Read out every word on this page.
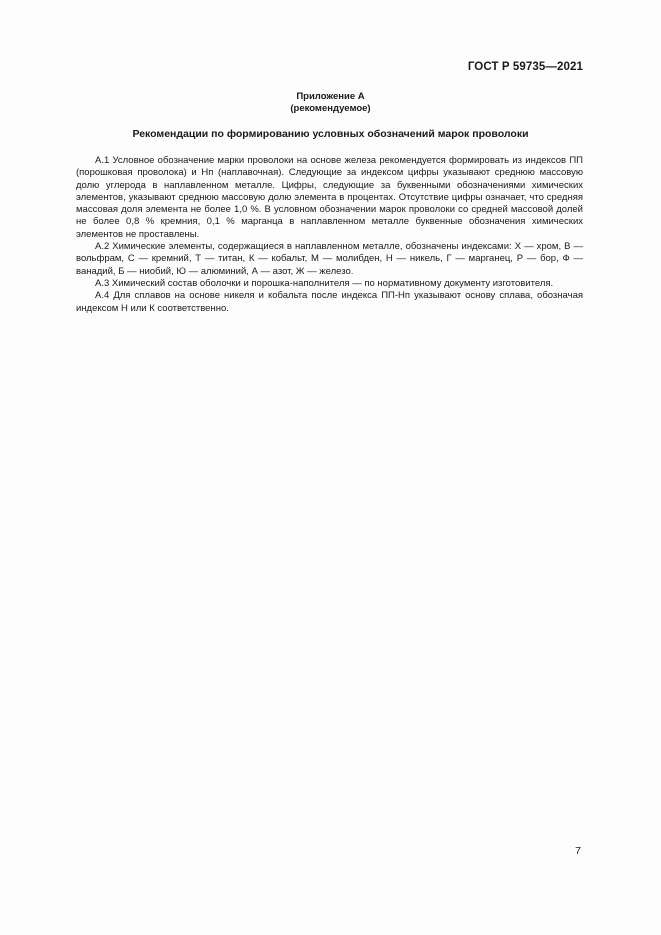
ГОСТ Р 59735—2021
Приложение А
(рекомендуемое)
Рекомендации по формированию условных обозначений марок проволоки

А.1 Условное обозначение марки проволоки на основе железа рекомендуется формировать из индексов ПП (порошковая проволока) и Нп (наплавочная). Следующие за индексом цифры указывают среднюю массовую долю углерода в наплавленном металле. Цифры, следующие за буквенными обозначениями химических элементов, указывают среднюю массовую долю элемента в процентах. Отсутствие цифры означает, что средняя массовая доля элемента не более 1,0 %. В условном обозначении марок проволоки со средней массовой долей не более 0,8 % кремния, 0,1 % марганца в наплавленном металле буквенные обозначения химических элементов не проставлены.

А.2 Химические элементы, содержащиеся в наплавленном металле, обозначены индексами: Х — хром, В — вольфрам, С — кремний, Т — титан, К — кобальт, М — молибден, Н — никель, Г — марганец, Р — бор, Ф — ванадий, Б — ниобий, Ю — алюминий, А — азот, Ж — железо.

А.3 Химический состав оболочки и порошка-наполнителя — по нормативному документу изготовителя.

А.4 Для сплавов на основе никеля и кобальта после индекса ПП-Нп указывают основу сплава, обозначая индексом Н или К соответственно.

7
